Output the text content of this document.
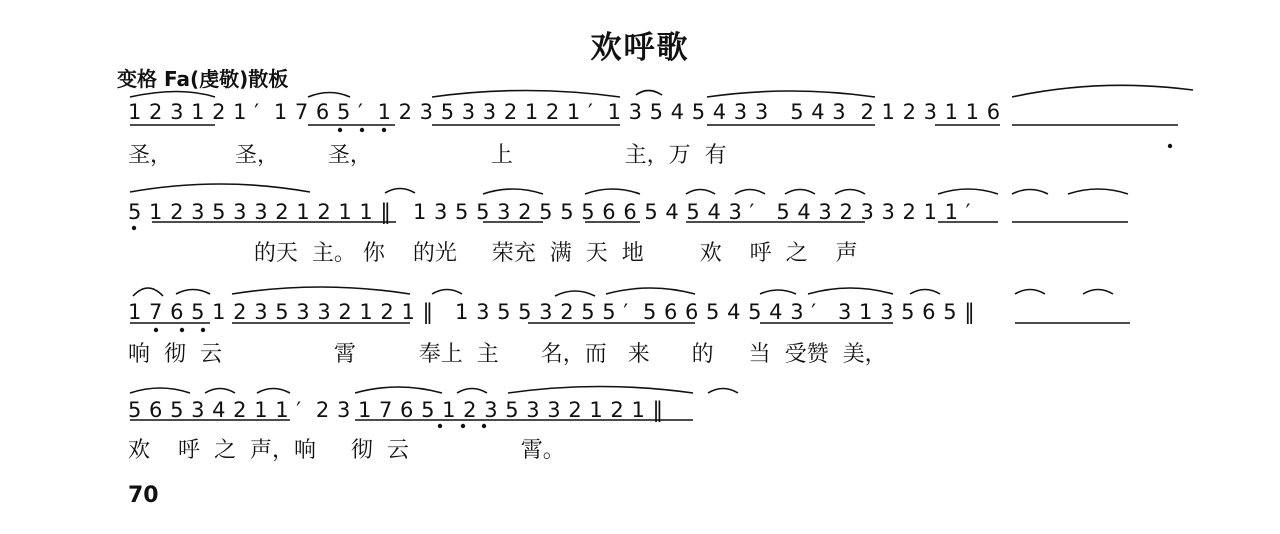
欢呼歌
变格 Fa(虔敬)散板
1 2 3 1 2 1 ′  1 7 6 5 ′  1 2 3 5 3 3 2 1 2 1 ′  1 3 5 4 5 4 3 3   5 4 3  2 1 2 3 1 1 6
圣，         圣，       圣，                 上                主，万  有
5 1 2 3 5 3 3 2 1 2 1 1 ‖   1 3 5 5 3 2 5 5 5 6 6 5 4 5 4 3 ′   5 4 3 2 3 3 2 1 1 ′
的天  主。 你    的光     荣充  满  天  地        欢    呼  之    声
1 7 6 5 1 2 3 5 3 3 2 1 2 1 ‖   1 3 5 5 3 2 5 5 ′  5 6 6 5 4 5 4 3 ′   3 1 3 5 6 5 ‖
响  彻  云                霄         奉上  主      名，而   来      的     当  受赞  美，
5 6 5 3 4 2 1 1 ′  2 3 1 7 6 5 1 2 3 5 3 3 2 1 2 1 ‖
欢    呼  之  声，响     彻  云                霄。
70
